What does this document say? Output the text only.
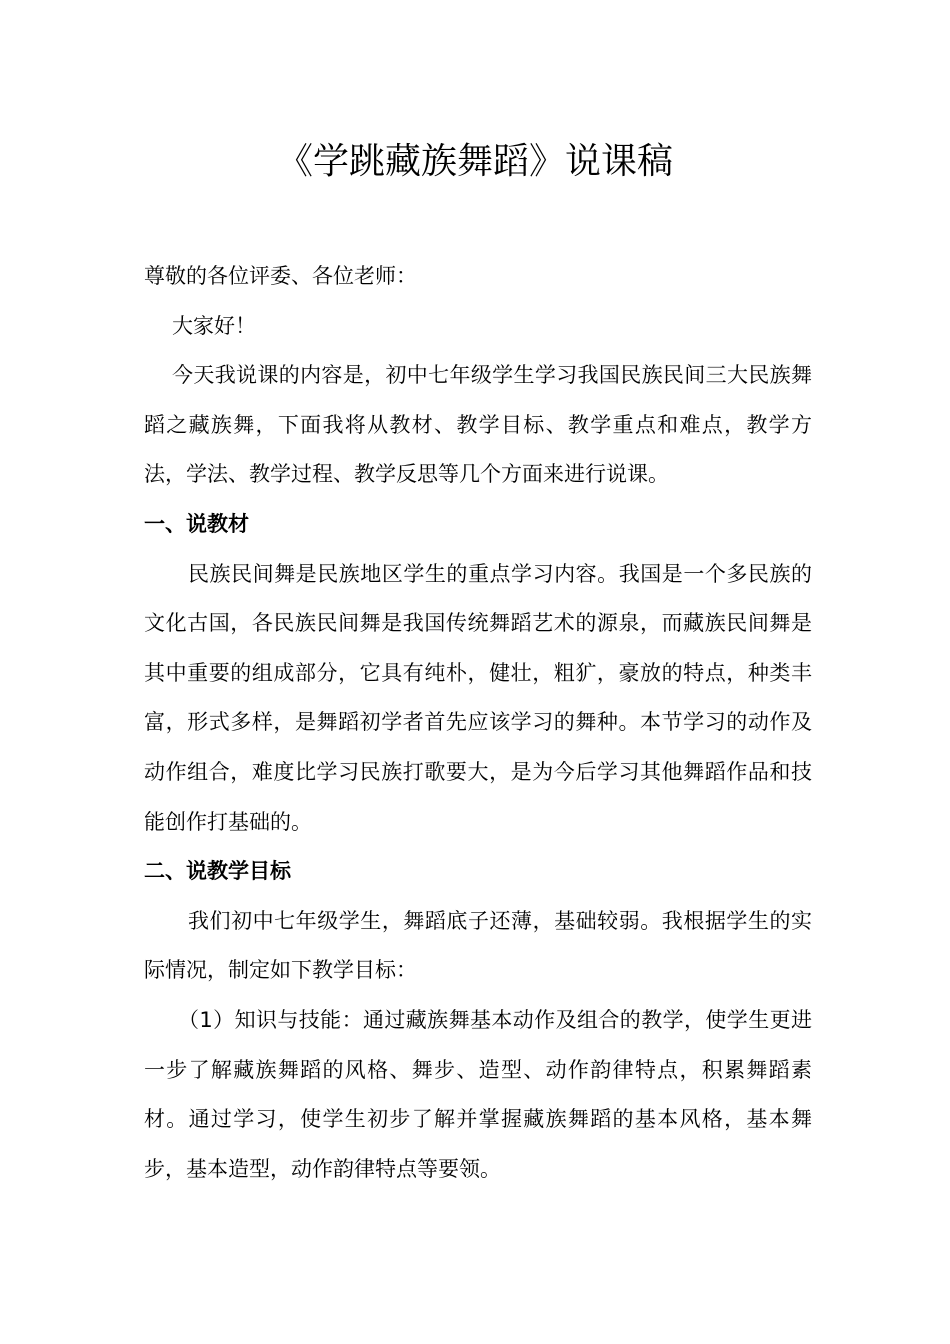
《学跳藏族舞蹈》说课稿

尊敬的各位评委、各位老师：

大家好！

今天我说课的内容是，初中七年级学生学习我国民族民间三大民族舞蹈之藏族舞，下面我将从教材、教学目标、教学重点和难点，教学方法，学法、教学过程、教学反思等几个方面来进行说课。

一、说教材

民族民间舞是民族地区学生的重点学习内容。我国是一个多民族的文化古国，各民族民间舞是我国传统舞蹈艺术的源泉，而藏族民间舞是其中重要的组成部分，它具有纯朴，健壮，粗犷，豪放的特点，种类丰富，形式多样，是舞蹈初学者首先应该学习的舞种。本节学习的动作及动作组合，难度比学习民族打歌要大，是为今后学习其他舞蹈作品和技能创作打基础的。

二、说教学目标

我们初中七年级学生，舞蹈底子还薄，基础较弱。我根据学生的实际情况，制定如下教学目标：

（1）知识与技能：通过藏族舞基本动作及组合的教学，使学生更进一步了解藏族舞蹈的风格、舞步、造型、动作韵律特点，积累舞蹈素材。通过学习，使学生初步了解并掌握藏族舞蹈的基本风格，基本舞步，基本造型，动作韵律特点等要领。
